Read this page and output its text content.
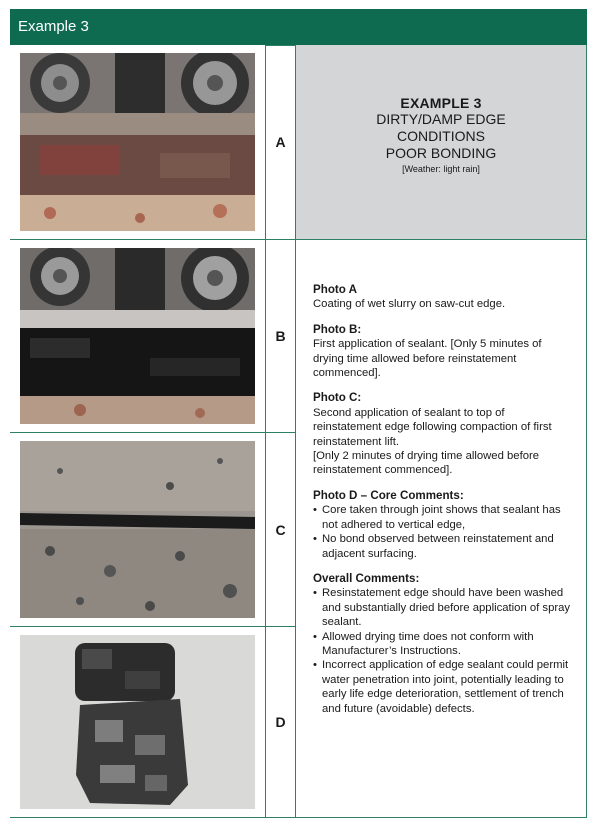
Example 3
A
EXAMPLE 3
DIRTY/DAMP EDGE
CONDITIONS
POOR BONDING
[Weather: light rain]
B
C
D
Photo A

Coating of wet slurry on saw-cut edge.

Photo B:

First application of sealant. [Only 5 minutes of drying time allowed before reinstatement commenced].

Photo C:

Second application of sealant to top of reinstatement edge following compaction of first reinstatement lift.

[Only 2 minutes of drying time allowed before reinstatement commenced].

Photo D – Core Comments:
• Core taken through joint shows that sealant has not adhered to vertical edge,
• No bond observed between reinstatement and adjacent surfacing.
Overall Comments:
• Resinstatement edge should have been washed and substantially dried before application of spray sealant.
• Allowed drying time does not conform with Manufacturer’s Instructions.
• Incorrect application of edge sealant could permit water penetration into joint, potentially leading to early life edge deterioration, settlement of trench and future (avoidable) defects.
